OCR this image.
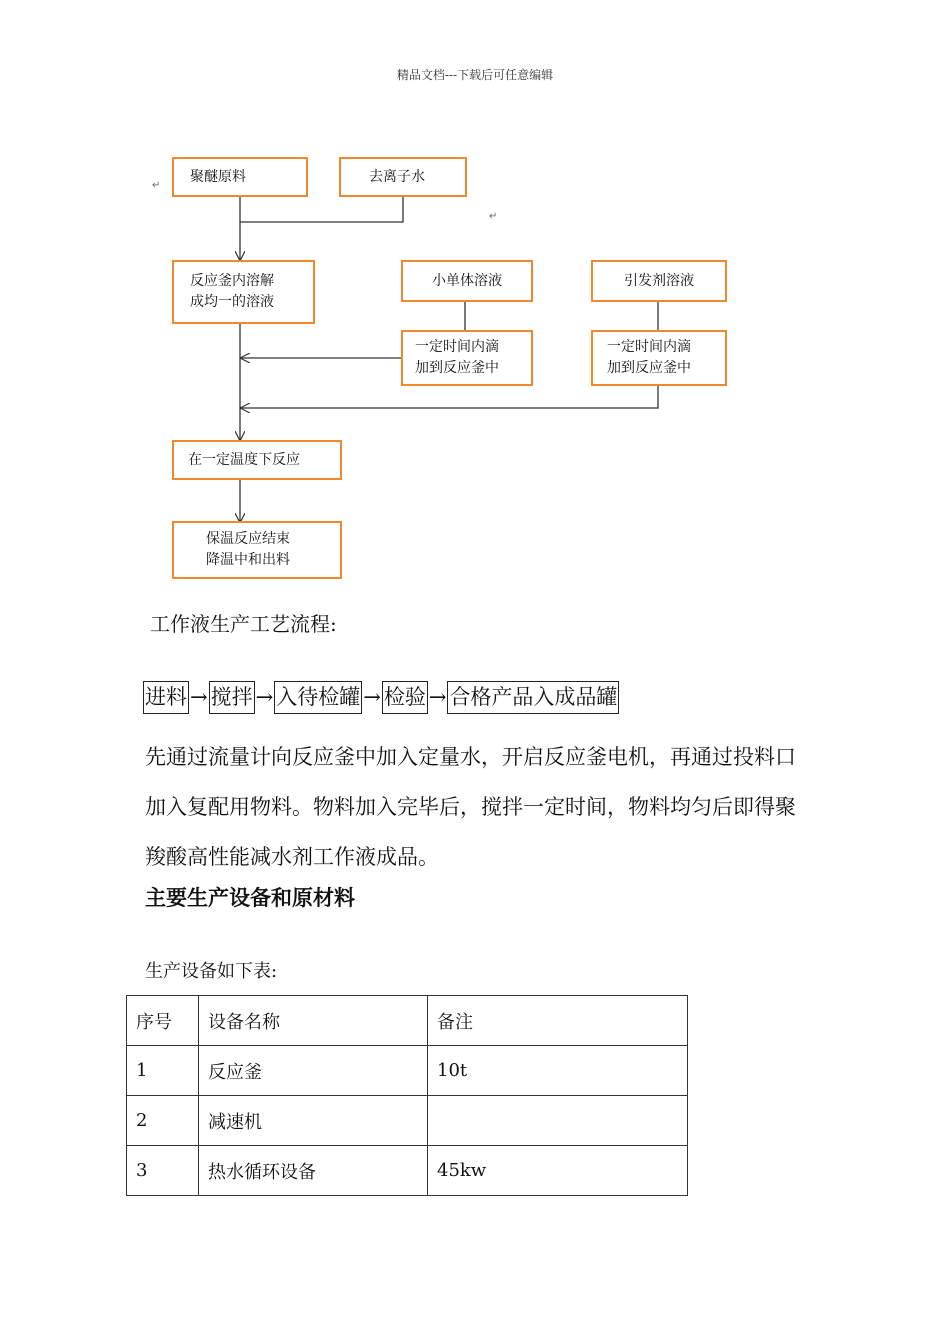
精品文档---下载后可任意编辑
聚醚原料	去离子水
反应釜内溶解
成均一的溶液
小单体溶液	引发剂溶液
一定时间内滴
加到反应釜中
一定时间内滴
加到反应釜中
在一定温度下反应
保温反应结束
降温中和出料
↵
↵
工作液生产工艺流程:
进料 → 搅拌 → 入待检罐 → 检验 → 合格产品入成品罐
先通过流量计向反应釜中加入定量水，开启反应釜电机，再通过投料口加入复配用物料。物料加入完毕后，搅拌一定时间，物料均匀后即得聚羧酸高性能减水剂工作液成品。
主要生产设备和原材料
生产设备如下表:
序号	设备名称	备注
1	反应釜	10t
2	减速机	
3	热水循环设备	45kw
